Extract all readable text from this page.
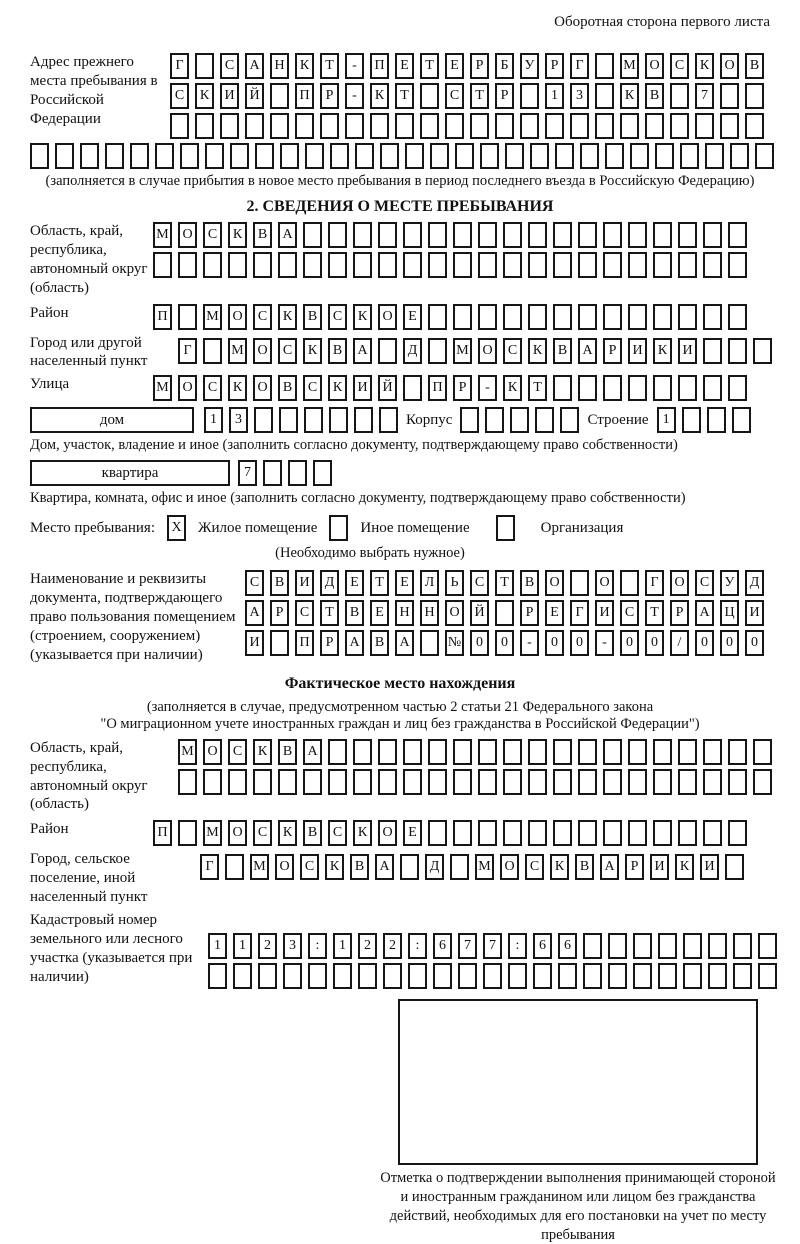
Оборотная сторона первого листа
Адрес прежнего места пребывания в Российской Федерации
Г	С	А	Н	К	Т	-	П	Е	Т	Е	Р	Б	У	Р	Г	М О	С	К	О	В
С	К	И	Й	П	Р	-	К	Т	С	Т	Р	1	3	К	В	7
(заполняется в случае прибытия в новое место пребывания в период последнего въезда в Российскую Федерацию)
2. СВЕДЕНИЯ О МЕСТЕ ПРЕБЫВАНИЯ
Область, край, республика, автономный округ (область)
М О	С	К	В	А
Район	П	М О	С	К	В	С	К	О	Е
Город или другой населенный пункт
Г	М О	С	К	В	А	Д	М О	С	К	В	А	Р	И	К	И
Улица	М О	С	К	О	В	С	К	И	Й	П	Р	-	К	Т
дом	1	3	Корпус	Строение	1
Дом, участок, владение и иное (заполнить согласно документу, подтверждающему право собственности)
квартира	7
Квартира, комната, офис и иное (заполнить согласно документу, подтверждающему право собственности)
Место пребывания:	X Жилое помещение	Иное помещение	Организация
(Необходимо выбрать нужное)
Наименование и реквизиты документа, подтверждающего право пользования помещением (строением, сооружением) (указывается при наличии)
С	В	И	Д	Е	Т	Е	Л	Ь	С	Т	В	О	О	Г	О	С	У	Д
А	Р	С	Т	В	Е	Н	Н	О	Й	Р	Е	Г	И	С	Т	Р	А	Ц	И
И	П	Р	А	В	А	№	0	0	-	0	0	-	0	0	/	0	0	0
Фактическое место нахождения
(заполняется в случае, предусмотренном частью 2 статьи 21 Федерального закона
"О миграционном учете иностранных граждан и лиц без гражданства в Российской Федерации")
Область, край, республика, автономный округ (область)
М О	С	К	В	А
Район	П	М О	С	К	В	С	К	О	Е
Город, сельское поселение, иной населенный пункт
Г	М О	С	К	В	А	Д	М О	С	К	В	А	Р	И	К	И
Кадастровый номер земельного или лесного участка (указывается при наличии)
1	1	2	3	:	1	2	2	:	6	7	7	:	6	6
Отметка о подтверждении выполнения принимающей стороной и иностранным гражданином или лицом без гражданства действий, необходимых для его постановки на учет по месту пребывания
